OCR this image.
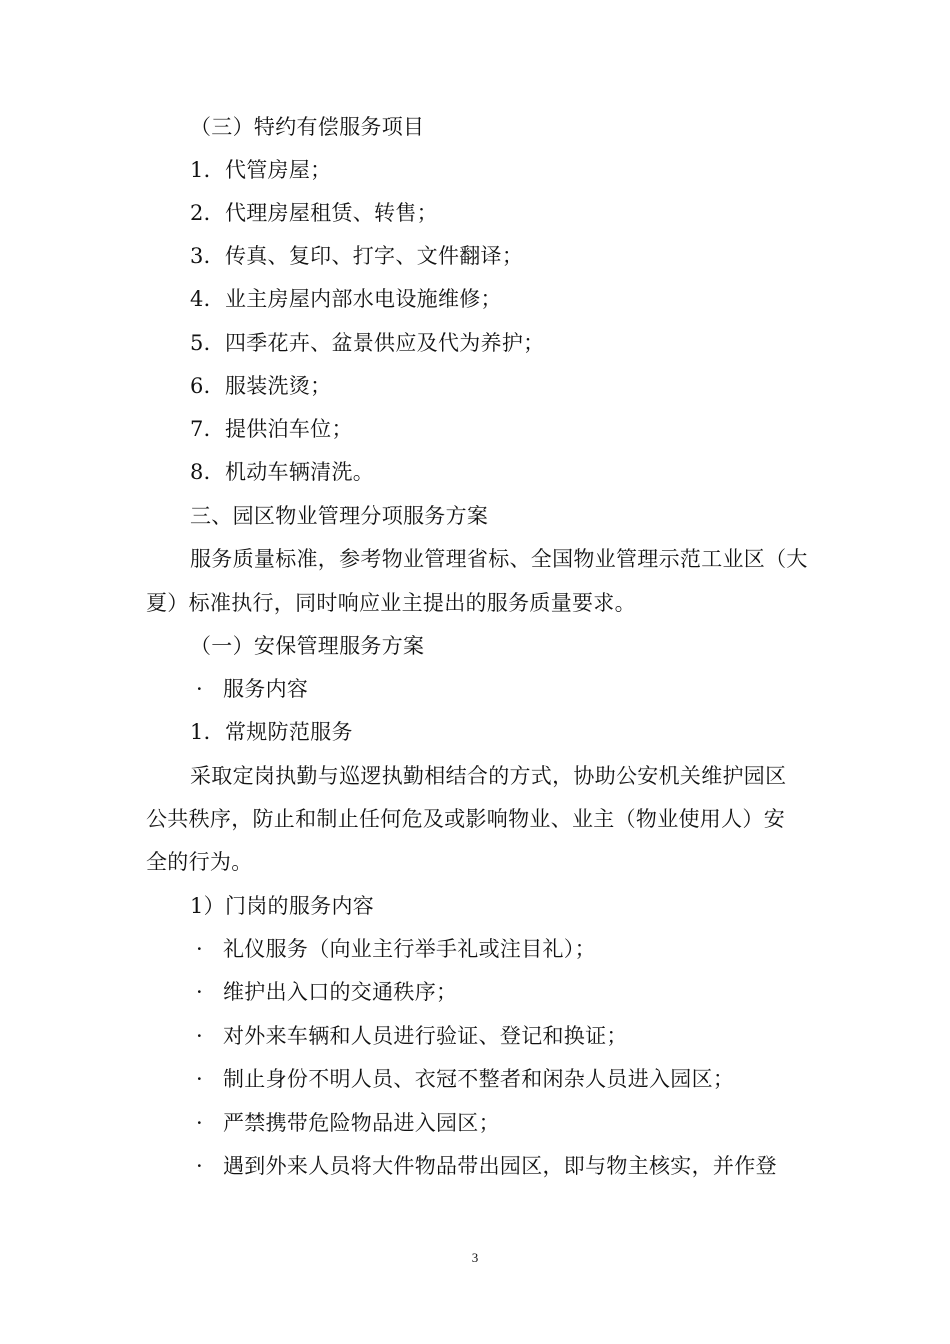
（三）特约有偿服务项目
1．代管房屋；
2．代理房屋租赁、转售；
3．传真、复印、打字、文件翻译；
4．业主房屋内部水电设施维修；
5．四季花卉、盆景供应及代为养护；
6．服装洗烫；
7．提供泊车位；
8．机动车辆清洗。
三、园区物业管理分项服务方案
服务质量标准，参考物业管理省标、全国物业管理示范工业区（大
夏）标准执行，同时响应业主提出的服务质量要求。
（一）安保管理服务方案
· 服务内容
1．常规防范服务
采取定岗执勤与巡逻执勤相结合的方式，协助公安机关维护园区
公共秩序，防止和制止任何危及或影响物业、业主（物业使用人）安
全的行为。
1）门岗的服务内容
· 礼仪服务（向业主行举手礼或注目礼）；
· 维护出入口的交通秩序；
· 对外来车辆和人员进行验证、登记和换证；
· 制止身份不明人员、衣冠不整者和闲杂人员进入园区；
· 严禁携带危险物品进入园区；
· 遇到外来人员将大件物品带出园区，即与物主核实，并作登
3
